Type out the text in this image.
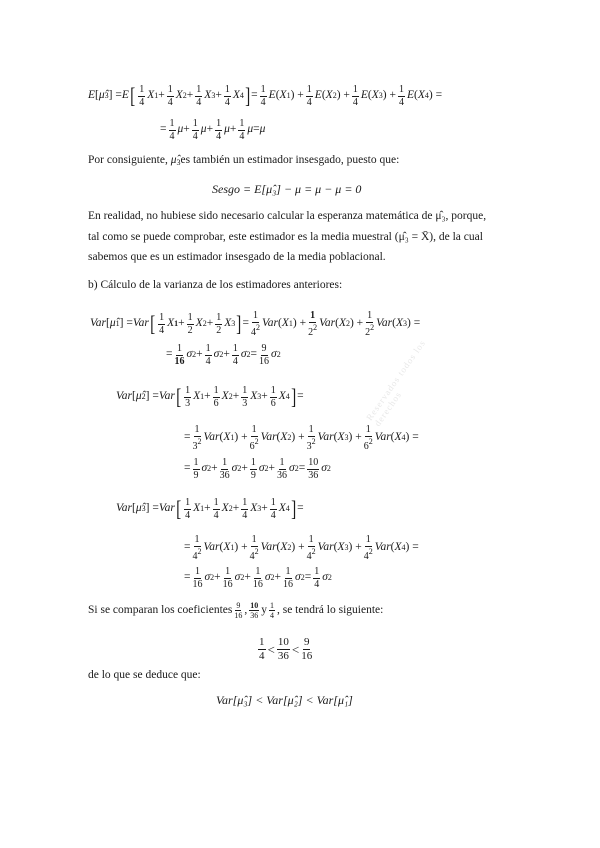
E [ μ̂ 3 ] = E [ $\frac{1}{4}$ X $1 + \frac{1}{4}$ X $2 + \frac{1}{4}$ X $3 + \frac{1}{4}$ X 4 ] = $\frac{1}{4}$ E ( X 1 ) + $\frac{1}{4}$ E ( X 2 ) + $\frac{1}{4}$ E ( X 3 ) + $\frac{1}{4}$ E ( X 4 ) =
= $\frac{1}{4}$ $\mu + \frac{1}{4}$ $\mu + \frac{1}{4}$ $\mu + \frac{1}{4}$ μ = μ
Por consiguiente, $\mû_3es$ también un estimador insesgado, puesto que:
Sesgo = E[μ̂₃] − μ = μ − μ = 0
En realidad, no hubiese sido necesario calcular la esperanza matemática de μ̂₃, porque,
tal como se puede comprobar, este estimador es la media muestral (μ̂₃ = X̄), de la cual
sabemos que es un estimador insesgado de la media poblacional.
b) Cálculo de la varianza de los estimadores anteriores:
Var [ μ̂ 1 ] = Var [ $\frac{1}{4}$ X $1 + \frac{1}{2}$ X $2 + \frac{1}{2}$ X 3 ] = $\frac{1}{4^2}$ Var ( X 1 ) + $\frac{1}{2^2}$ Var ( X 2 ) + $\frac{1}{2^2}$ Var ( X 3 ) =
= $\frac{1}{16}$ σ $2 + \frac{1}{4}$ σ $2 + \frac{1}{4}$ σ $2 = \frac{9}{16}$ σ 2
Var [ μ̂ 2 ] = Var [ $\frac{1}{3}$ X $1 + \frac{1}{6}$ X $2 + \frac{1}{3}$ X $3 + \frac{1}{6}$ X 4 ] =
= $\frac{1}{3^2}$ Var ( X 1 ) + $\frac{1}{6^2}$ Var ( X 2 ) + $\frac{1}{3^2}$ Var ( X 3 ) + $\frac{1}{6^2}$ Var ( X 4 ) =
= $\frac{1}{9}$ σ $2 + \frac{1}{36}$ σ $2 + \frac{1}{9}$ σ $2 + \frac{1}{36}$ σ $2 = \frac{10}{36}$ σ 2
Var [ μ̂ 3 ] = Var [ $\frac{1}{4}$ X $1 + \frac{1}{4}$ X $2 + \frac{1}{4}$ X $3 + \frac{1}{4}$ X 4 ] =
= $\frac{1}{4^2}$ Var ( X 1 ) + $\frac{1}{4^2}$ Var ( X 2 ) + $\frac{1}{4^2}$ Var ( X 3 ) + $\frac{1}{4^2}$ Var ( X 4 ) =
= $\frac{1}{16}$ σ $2 + \frac{1}{16}$ σ $2 + \frac{1}{16}$ σ $2 + \frac{1}{16}$ σ $2 = \frac{1}{4}$ σ 2
Si se comparan los coeficientes $\frac{9}{16}$ , $\frac{10}{36}$ y $\frac{1}{4}$ , se tendrá lo siguiente:
$\frac{1}{4} < \frac{10}{36} < \frac{9}{16}$
de lo que se deduce que:
Var[μ̂₃] < Var[μ̂₂] < Var[μ̂₁]
Reservados todos los derechos
